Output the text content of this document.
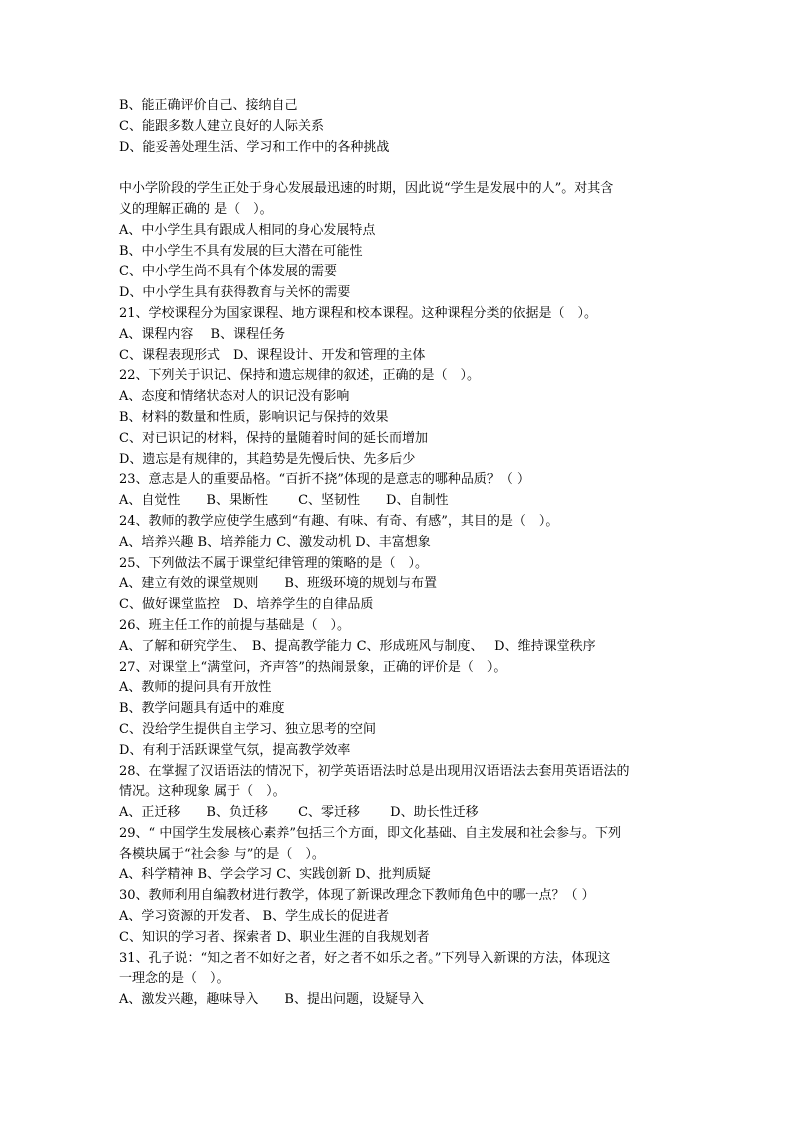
B、能正确评价自己、接纳自己
C、能跟多数人建立良好的人际关系
D、能妥善处理生活、学习和工作中的各种挑战
中小学阶段的学生正处于身心发展最迅速的时期，因此说“学生是发展中的人”。对其含
义的理解正确的 是（　）。
A、中小学生具有跟成人相同的身心发展特点
B、中小学生不具有发展的巨大潜在可能性
C、中小学生尚不具有个体发展的需要
D、中小学生具有获得教育与关怀的需要
21、学校课程分为国家课程、地方课程和校本课程。这种课程分类的依据是（　）。
A、课程内容　 B、课程任务
C、课程表现形式　D、课程设计、开发和管理的主体
22、下列关于识记、保持和遗忘规律的叙述，正确的是（　）。
A、态度和情绪状态对人的识记没有影响
B、材料的数量和性质，影响识记与保持的效果
C、对已识记的材料，保持的量随着时间的延长而增加
D、遗忘是有规律的，其趋势是先慢后快、先多后少
23、意志是人的重要品格。“百折不挠”体现的是意志的哪种品质？（ ）
A、自觉性　　B、果断性　　 C、坚韧性　　D、自制性
24、教师的教学应使学生感到“有趣、有味、有奇、有感”，其目的是（　）。
A、培养兴趣 B、培养能力 C、激发动机 D、丰富想象
25、下列做法不属于课堂纪律管理的策略的是（　）。
A、建立有效的课堂规则　　B、班级环境的规划与布置
C、做好课堂监控　D、培养学生的自律品质
26、班主任工作的前提与基础是（　）。
A、了解和研究学生、　B、提高教学能力 C、形成班风与制度、　 D、维持课堂秩序
27、对课堂上“满堂问，齐声答”的热闹景象，正确的评价是（　）。
A、教师的提问具有开放性
B、教学问题具有适中的难度
C、没给学生提供自主学习、独立思考的空间
D、有利于活跃课堂气氛，提高教学效率
28、在掌握了汉语语法的情况下，初学英语语法时总是出现用汉语语法去套用英语语法的
情况。这种现象 属于（　）。
A、正迁移　　B、负迁移　　 C、零迁移　　 D、助长性迁移
29、“ 中国学生发展核心素养”包括三个方面，即文化基础、自主发展和社会参与。下列
各模块属于“社会参 与”的是（　）。
A、科学精神 B、学会学习 C、实践创新 D、批判质疑
30、教师利用自编教材进行教学，体现了新课改理念下教师角色中的哪一点？（ ）
A、学习资源的开发者、 B、学生成长的促进者
C、知识的学习者、探索者 D、职业生涯的自我规划者
31、孔子说：“知之者不如好之者，好之者不如乐之者。”下列导入新课的方法，体现这
一理念的是（　）。
A、激发兴趣，趣味导入　　B、提出问题，设疑导入
